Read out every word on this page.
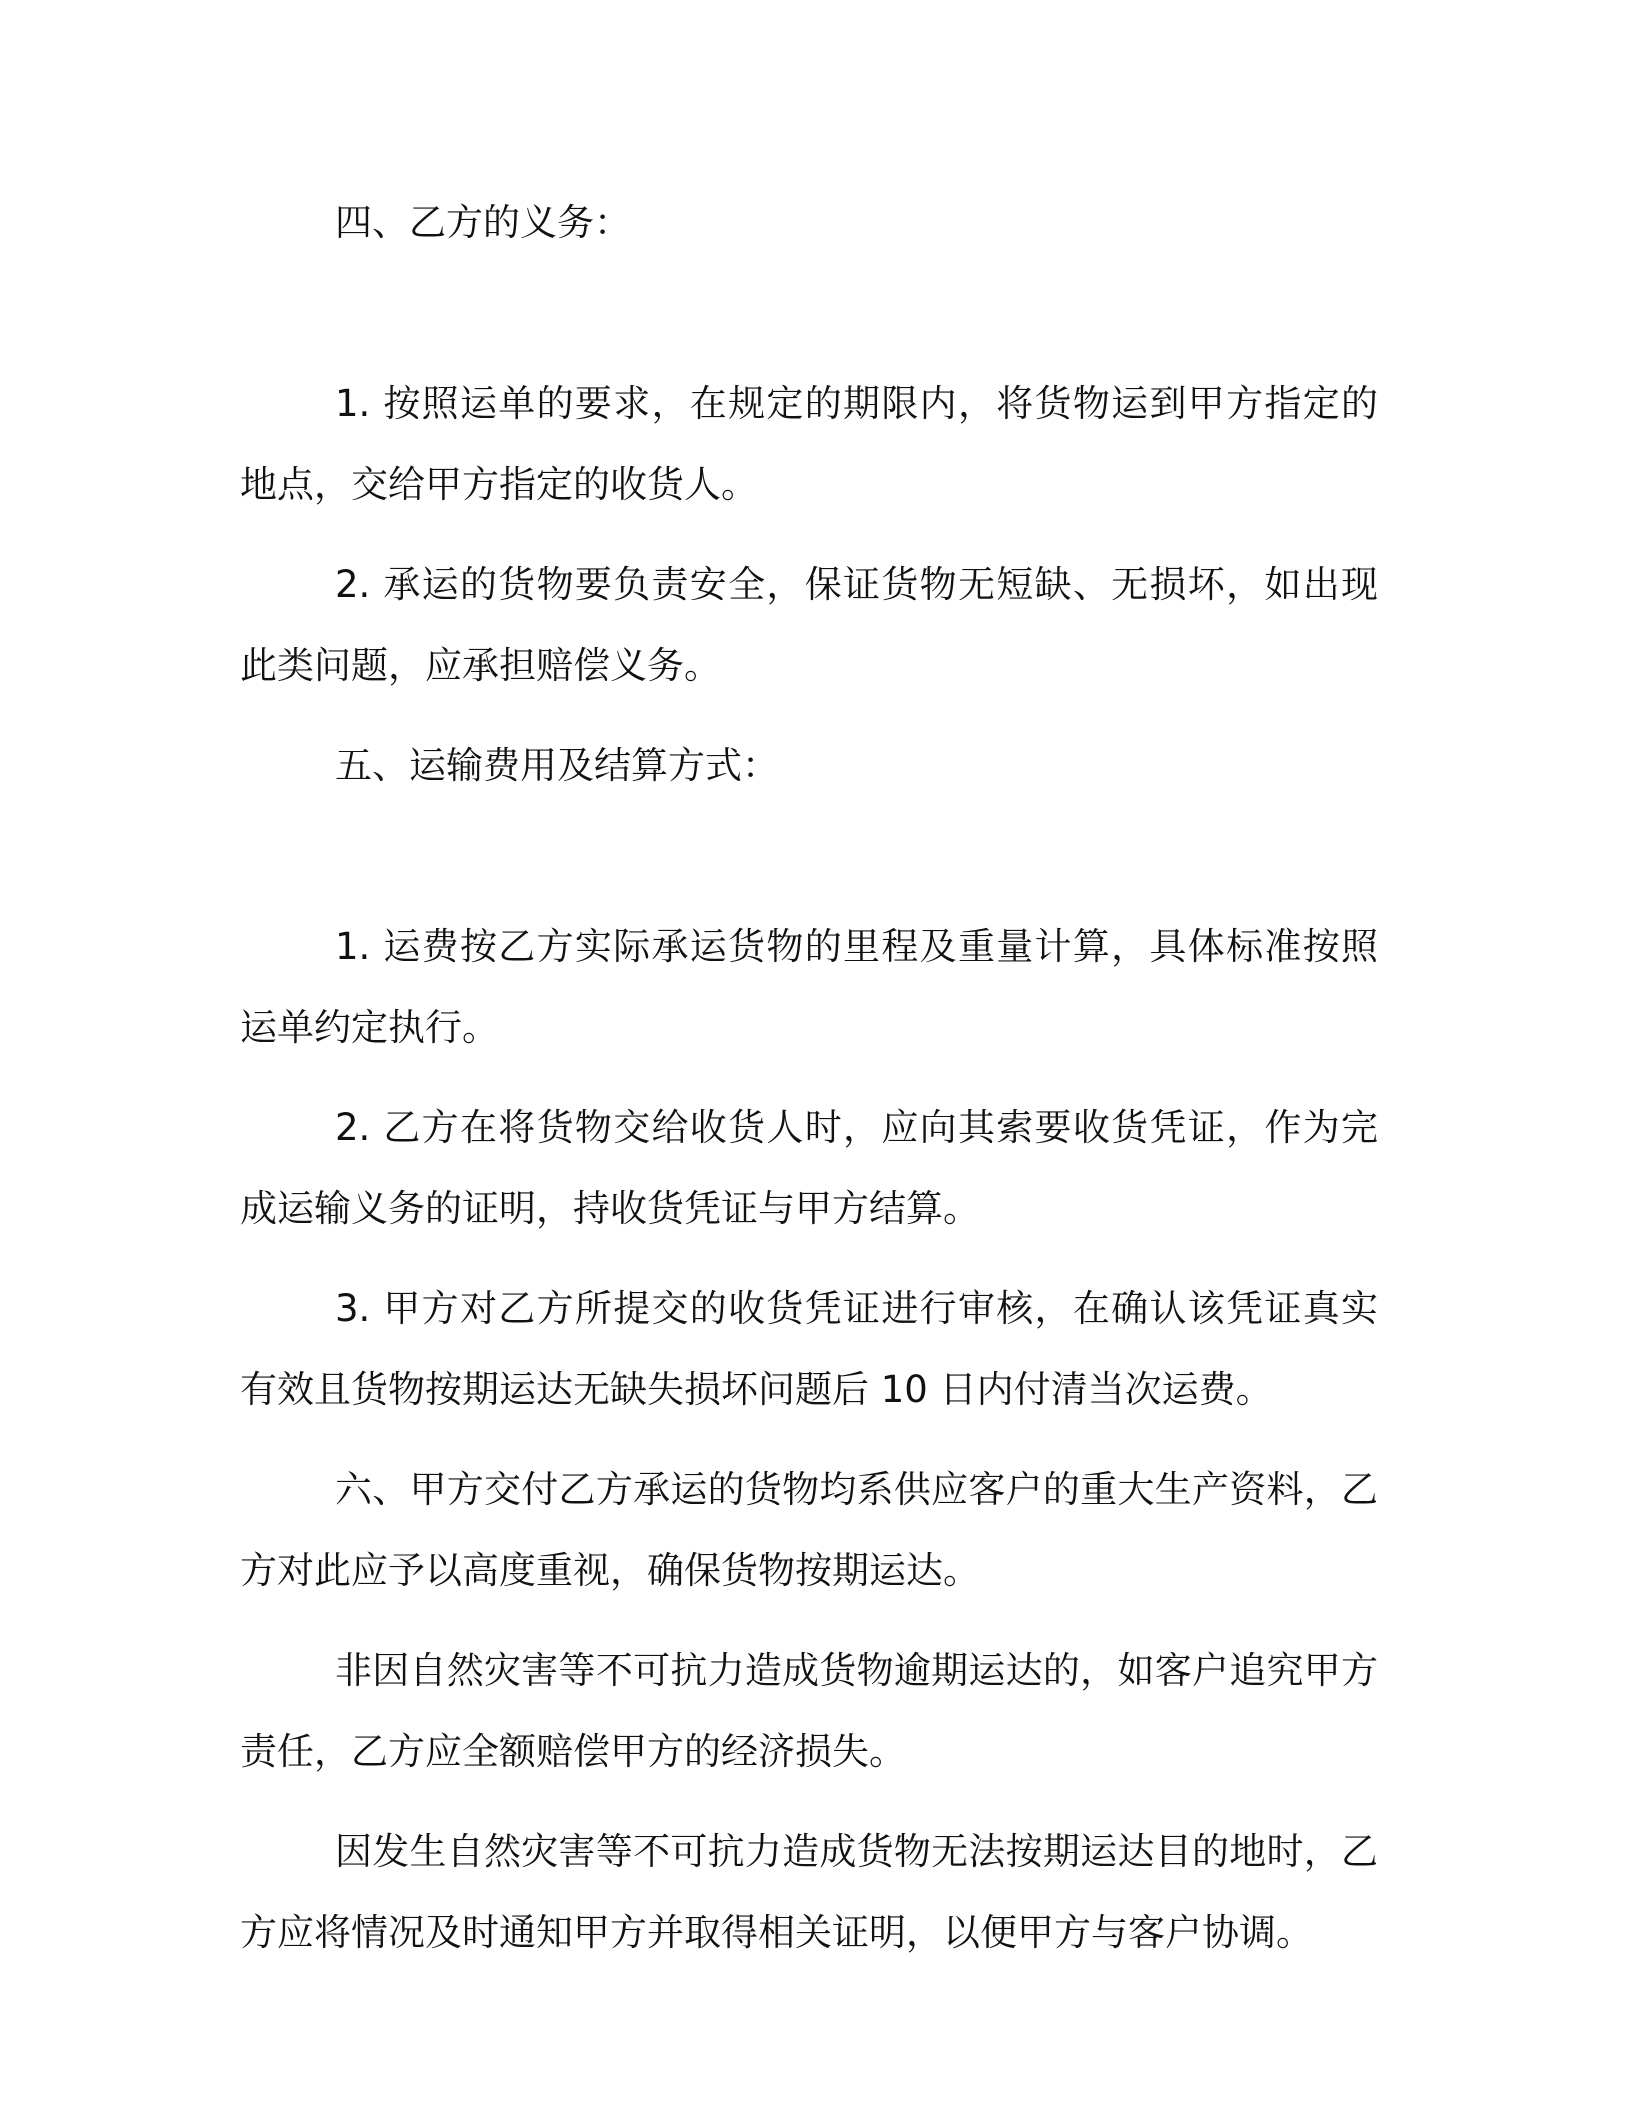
四、乙方的义务：

1. 按照运单的要求，在规定的期限内，将货物运到甲方指定的地点，交给甲方指定的收货人。

2. 承运的货物要负责安全，保证货物无短缺、无损坏，如出现此类问题，应承担赔偿义务。

五、运输费用及结算方式：

1. 运费按乙方实际承运货物的里程及重量计算，具体标准按照运单约定执行。

2. 乙方在将货物交给收货人时，应向其索要收货凭证，作为完成运输义务的证明，持收货凭证与甲方结算。

3. 甲方对乙方所提交的收货凭证进行审核，在确认该凭证真实有效且货物按期运达无缺失损坏问题后 10 日内付清当次运费。

六、甲方交付乙方承运的货物均系供应客户的重大生产资料，乙方对此应予以高度重视，确保货物按期运达。

非因自然灾害等不可抗力造成货物逾期运达的，如客户追究甲方责任，乙方应全额赔偿甲方的经济损失。

因发生自然灾害等不可抗力造成货物无法按期运达目的地时，乙方应将情况及时通知甲方并取得相关证明，以便甲方与客户协调。
